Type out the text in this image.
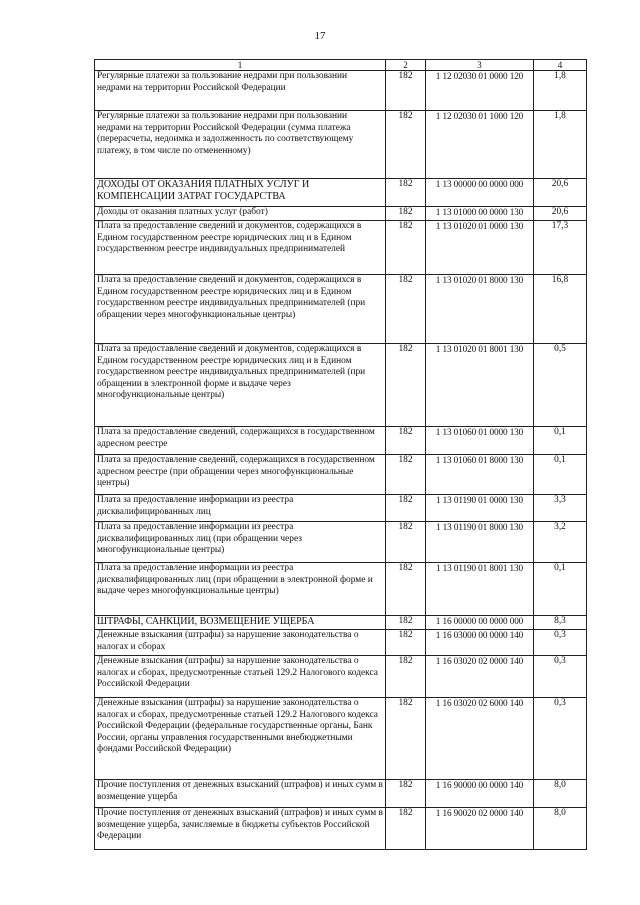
17
1	2	3	4
Регулярные платежи за пользование недрами при пользовании недрами на территории Российской Федерации	182	1 12 02030 01 0000 120	1,8
Регулярные платежи за пользование недрами при пользовании недрами на территории Российской Федерации (сумма платежа (перерасчеты, недоимка и задолженность по соответствующему платежу, в том числе по отмененному)	182	1 12 02030 01 1000 120	1,8
ДОХОДЫ ОТ ОКАЗАНИЯ ПЛАТНЫХ УСЛУГ И КОМПЕНСАЦИИ ЗАТРАТ ГОСУДАРСТВА	182	1 13 00000 00 0000 000	20,6
Доходы от оказания платных услуг (работ)	182	1 13 01000 00 0000 130	20,6
Плата за предоставление сведений и документов, содержащихся в Едином государственном реестре юридических лиц и в Едином государственном реестре индивидуальных предпринимателей	182	1 13 01020 01 0000 130	17,3
Плата за предоставление сведений и документов, содержащихся в Едином государственном реестре юридических лиц и в Едином государственном реестре индивидуальных предпринимателей (при обращении через многофункциональные центры)	182	1 13 01020 01 8000 130	16,8
Плата за предоставление сведений и документов, содержащихся в Едином государственном реестре юридических лиц и в Едином государственном реестре индивидуальных предпринимателей (при обращении в электронной форме и выдаче через многофункциональные центры)	182	1 13 01020 01 8001 130	0,5
Плата за предоставление сведений, содержащихся в государственном адресном реестре	182	1 13 01060 01 0000 130	0,1
Плата за предоставление сведений, содержащихся в государственном адресном реестре (при обращении через многофункциональные центры)	182	1 13 01060 01 8000 130	0,1
Плата за предоставление информации из реестра дисквалифицированных лиц	182	1 13 01190 01 0000 130	3,3
Плата за предоставление информации из реестра дисквалифицированных лиц (при обращении через многофункциональные центры)	182	1 13 01190 01 8000 130	3,2
Плата за предоставление информации из реестра дисквалифицированных лиц (при обращении в электронной форме и выдаче через многофункциональные центры)	182	1 13 01190 01 8001 130	0,1
ШТРАФЫ, САНКЦИИ, ВОЗМЕЩЕНИЕ УЩЕРБА	182	1 16 00000 00 0000 000	8,3
Денежные взыскания (штрафы) за нарушение законодательства о налогах и сборах	182	1 16 03000 00 0000 140	0,3
Денежные взыскания (штрафы) за нарушение законодательства о налогах и сборах, предусмотренные статьей 129.2 Налогового кодекса Российской Федерации	182	1 16 03020 02 0000 140	0,3
Денежные взыскания (штрафы) за нарушение законодательства о налогах и сборах, предусмотренные статьей 129.2 Налогового кодекса Российской Федерации (федеральные государственные органы, Банк России, органы управления государственными внебюджетными фондами Российской Федерации)	182	1 16 03020 02 6000 140	0,3
Прочие поступления от денежных взысканий (штрафов) и иных сумм в возмещение ущерба	182	1 16 90000 00 0000 140	8,0
Прочие поступления от денежных взысканий (штрафов) и иных сумм в возмещение ущерба, зачисляемые в бюджеты субъектов Российской Федерации	182	1 16 90020 02 0000 140	8,0
